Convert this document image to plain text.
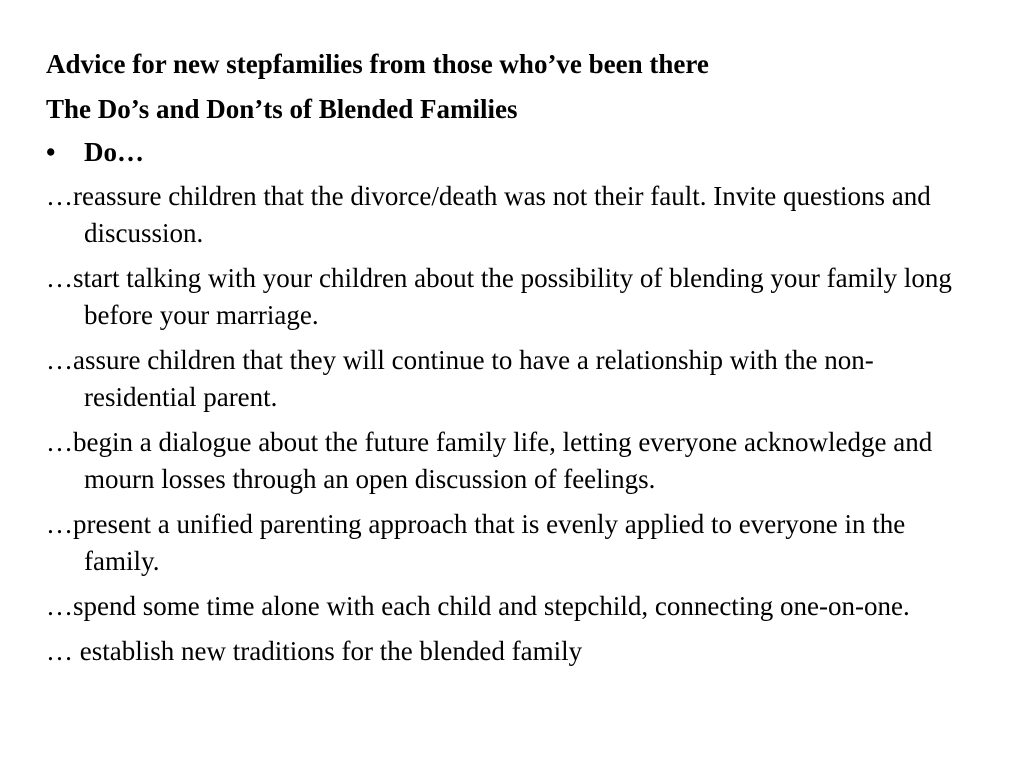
Advice for new stepfamilies from those who’ve been there

The Do’s and Don’ts of Blended Families

• Do…
…reassure children that the divorce/death was not their fault. Invite questions and discussion.
…start talking with your children about the possibility of blending your family long before your marriage.
…assure children that they will continue to have a relationship with the non-residential parent.
…begin a dialogue about the future family life, letting everyone acknowledge and mourn losses through an open discussion of feelings.
…present a unified parenting approach that is evenly applied to everyone in the family.
…spend some time alone with each child and stepchild, connecting one-on-one.
… establish new traditions for the blended family
